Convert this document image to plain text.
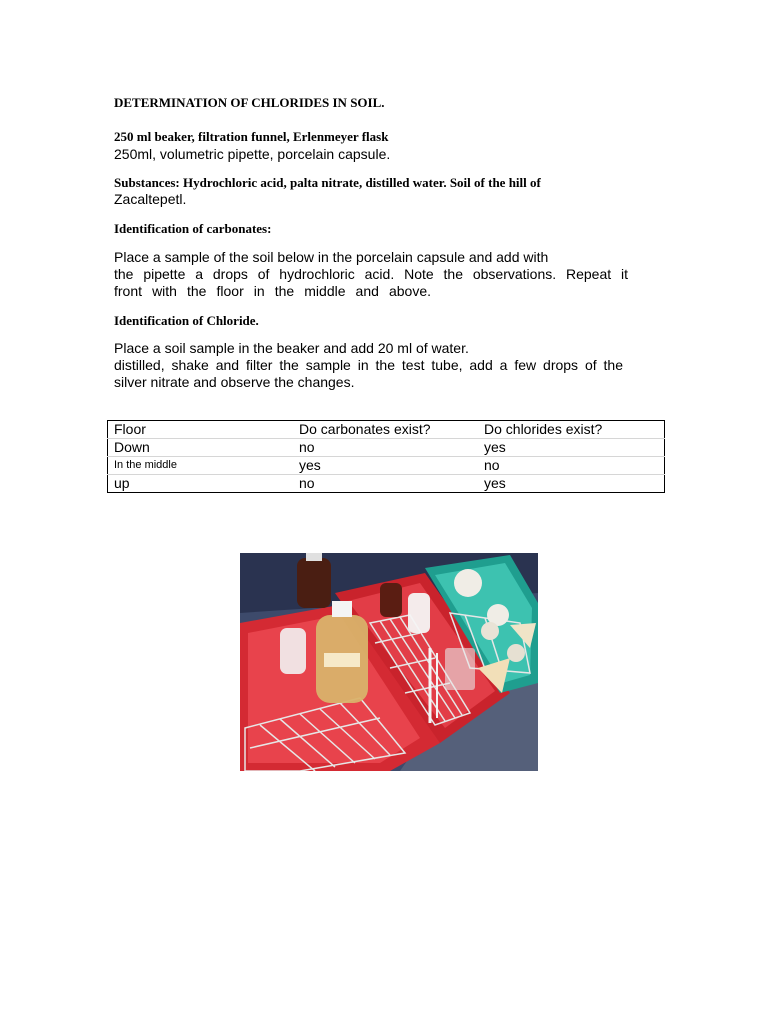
DETERMINATION OF CHLORIDES IN SOIL.
250 ml beaker, filtration funnel, Erlenmeyer flask
250ml, volumetric pipette, porcelain capsule.
Substances: Hydrochloric acid, palta nitrate, distilled water. Soil of the hill of
Zacaltepetl.
Identification of carbonates:
Place a sample of the soil below in the porcelain capsule and add with
the pipette a drops of hydrochloric acid. Note the observations. Repeat it
front with the floor in the middle and above.
Identification of Chloride.
Place a soil sample in the beaker and add 20 ml of water.
distilled, shake and filter the sample in the test tube, add a few drops of the
silver nitrate and observe the changes.
Floor	Do carbonates exist?	Do chlorides exist?
Down	no	yes
In the middle	yes	no
up	no	yes
